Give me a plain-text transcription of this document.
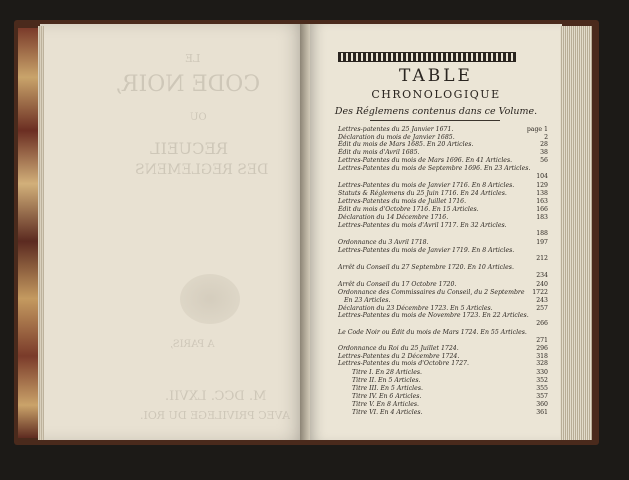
LE
CODE NOIR,
OU
RECUEIL
DES REGLEMENS
A PARIS,
M. DCC. LXVII.
AVEC PRIVILEGE DU ROI.
TABLE
CHRONOLOGIQUE
Des Réglemens contenus dans ce Volume.
Lettres-patentes du 25 Janvier 1671.	page 1
Déclaration du mois de Janvier 1685.	2
Édit du mois de Mars 1685. En 20 Articles.	28
Édit du mois d'Avril 1685.	38
Lettres-Patentes du mois de Mars 1696. En 41 Articles.	56
Lettres-Patentes du mois de Septembre 1696. En 23 Articles.
104
Lettres-Patentes du mois de Janvier 1716. En 8 Articles.	129
Statuts & Réglemens du 25 Juin 1716. En 24 Articles.	138
Lettres-Patentes du mois de Juillet 1716.	163
Édit du mois d'Octobre 1716. En 15 Articles.	166
Déclaration du 14 Décembre 1716.	183
Lettres-Patentes du mois d'Avril 1717. En 32 Articles.
188
Ordonnance du 3 Avril 1718.	197
Lettres-Patentes du mois de Janvier 1719. En 8 Articles.
212
Arrêt du Conseil du 27 Septembre 1720. En 10 Articles.
234
Arrêt du Conseil du 17 Octobre 1720.	240
Ordonnance des Commissaires du Conseil, du 2 Septembre 1722
En 23 Articles.	243
Déclaration du 23 Décembre 1723. En 5 Articles.	257
Lettres-Patentes du mois de Novembre 1723. En 22 Articles.
266
Le Code Noir ou Édit du mois de Mars 1724. En 55 Articles.
271
Ordonnance du Roi du 25 Juillet 1724.	296
Lettres-Patentes du 2 Décembre 1724.	318
Lettres-Patentes du mois d'Octobre 1727.	328
Titre I. En 28 Articles.	330
Titre II. En 5 Articles.	352
Titre III. En 5 Articles.	355
Titre IV. En 6 Articles.	357
Titre V. En 8 Articles.	360
Titre VI. En 4 Articles.	361
